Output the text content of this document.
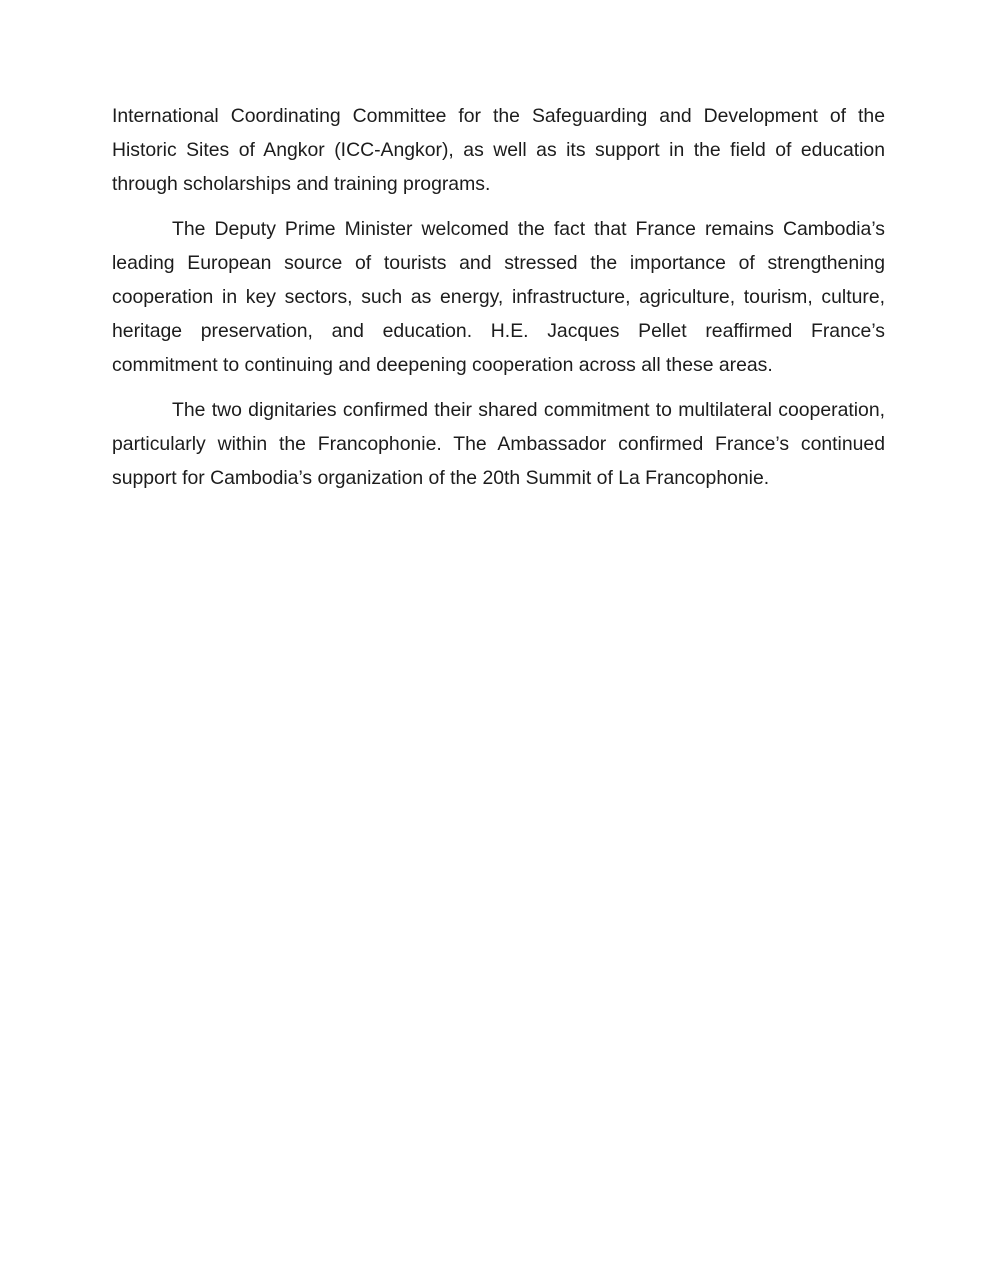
International Coordinating Committee for the Safeguarding and Development of the Historic Sites of Angkor (ICC-Angkor), as well as its support in the field of education through scholarships and training programs.

The Deputy Prime Minister welcomed the fact that France remains Cambodia’s leading European source of tourists and stressed the importance of strengthening cooperation in key sectors, such as energy, infrastructure, agriculture, tourism, culture, heritage preservation, and education. H.E. Jacques Pellet reaffirmed France’s commitment to continuing and deepening cooperation across all these areas.

The two dignitaries confirmed their shared commitment to multilateral cooperation, particularly within the Francophonie. The Ambassador confirmed France’s continued support for Cambodia’s organization of the 20th Summit of La Francophonie.
